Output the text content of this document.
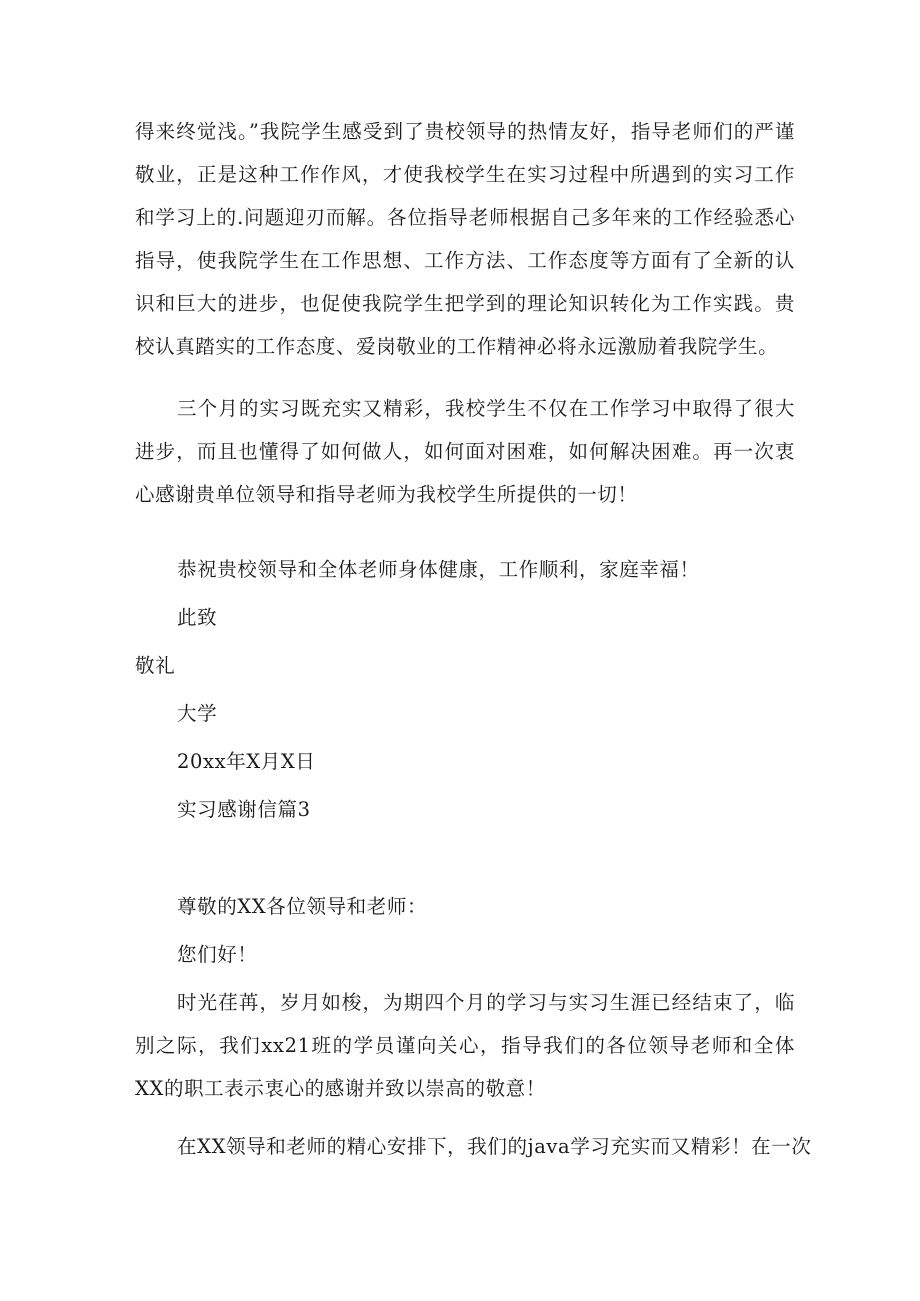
得来终觉浅。”我院学生感受到了贵校领导的热情友好，指导老师们的严谨敬业，正是这种工作作风，才使我校学生在实习过程中所遇到的实习工作和学习上的.问题迎刃而解。各位指导老师根据自己多年来的工作经验悉心指导，使我院学生在工作思想、工作方法、工作态度等方面有了全新的认识和巨大的进步，也促使我院学生把学到的理论知识转化为工作实践。贵校认真踏实的工作态度、爱岗敬业的工作精神必将永远激励着我院学生。

三个月的实习既充实又精彩，我校学生不仅在工作学习中取得了很大进步，而且也懂得了如何做人，如何面对困难，如何解决困难。再一次衷心感谢贵单位领导和指导老师为我校学生所提供的一切！

恭祝贵校领导和全体老师身体健康，工作顺利，家庭幸福！

此致

敬礼

大学

20xx年X月X日

实习感谢信篇3

尊敬的XX各位领导和老师：

您们好！

时光荏苒，岁月如梭，为期四个月的学习与实习生涯已经结束了，临别之际，我们xx21班的学员谨向关心，指导我们的各位领导老师和全体XX的职工表示衷心的感谢并致以崇高的敬意！

在XX领导和老师的精心安排下，我们的java学习充实而又精彩！在一次
